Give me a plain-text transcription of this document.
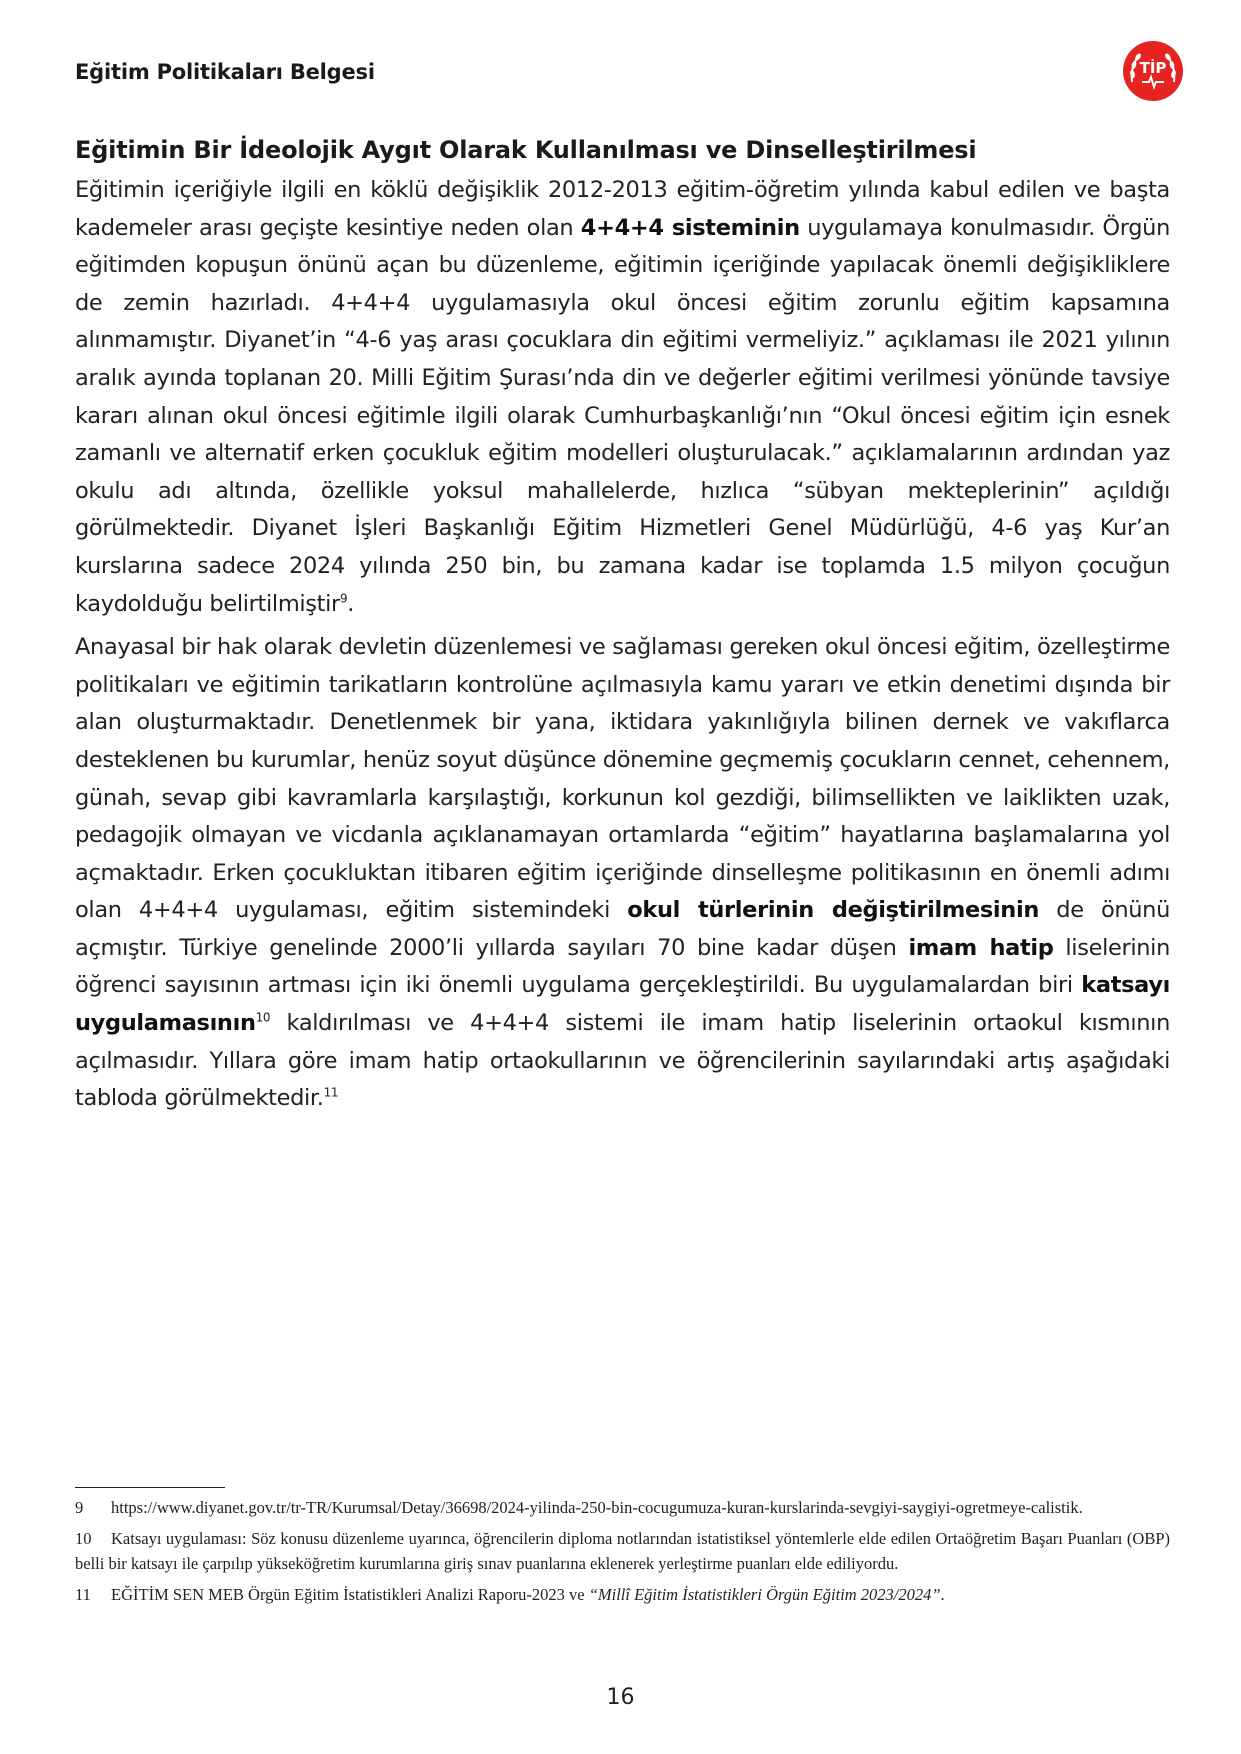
Eğitim Politikaları Belgesi	TİP
Eğitimin Bir İdeolojik Aygıt Olarak Kullanılması ve Dinselleştirilmesi

Eğitimin içeriğiyle ilgili en köklü değişiklik 2012-2013 eğitim-öğretim yılında kabul edilen ve başta kademeler arası geçişte kesintiye neden olan 4+4+4 sisteminin uygulamaya konulmasıdır. Örgün eğitimden kopuşun önünü açan bu düzenleme, eğitimin içeriğinde yapılacak önemli değişikliklere de zemin hazırladı. 4+4+4 uygulamasıyla okul öncesi eğitim zorunlu eğitim kapsamına alınmamıştır. Diyanet’in “4-6 yaş arası çocuklara din eğitimi vermeliyiz.” açıklaması ile 2021 yılının aralık ayında toplanan 20. Milli Eğitim Şurası’nda din ve değerler eğitimi verilmesi yönünde tavsiye kararı alınan okul öncesi eğitimle ilgili olarak Cumhurbaşkanlığı’nın “Okul öncesi eğitim için esnek zamanlı ve alternatif erken çocukluk eğitim modelleri oluşturulacak.” açıklamalarının ardından yaz okulu adı altında, özellikle yoksul mahallelerde, hızlıca “sübyan mekteplerinin” açıldığı görülmektedir. Diyanet İşleri Başkanlığı Eğitim Hizmetleri Genel Müdürlüğü, 4-6 yaş Kur’an kurslarına sadece 2024 yılında 250 bin, bu zamana kadar ise toplamda 1.5 milyon çocuğun kaydolduğu belirtilmiştir$^9$.

Anayasal bir hak olarak devletin düzenlemesi ve sağlaması gereken okul öncesi eğitim, özelleştirme politikaları ve eğitimin tarikatların kontrolüne açılmasıyla kamu yararı ve etkin denetimi dışında bir alan oluşturmaktadır. Denetlenmek bir yana, iktidara yakınlığıyla bilinen dernek ve vakıflarca desteklenen bu kurumlar, henüz soyut düşünce dönemine geçmemiş çocukların cennet, cehennem, günah, sevap gibi kavramlarla karşılaştığı, korkunun kol gezdiği, bilimsellikten ve laiklikten uzak, pedagojik olmayan ve vicdanla açıklanamayan ortamlarda “eğitim” hayatlarına başlamalarına yol açmaktadır. Erken çocukluktan itibaren eğitim içeriğinde dinselleşme politikasının en önemli adımı olan 4+4+4 uygulaması, eğitim sistemindeki okul türlerinin değiştirilmesinin de önünü açmıştır. Türkiye genelinde 2000’li yıllarda sayıları 70 bine kadar düşen imam hatip liselerinin öğrenci sayısının artması için iki önemli uygulama gerçekleştirildi. Bu uygulamalardan biri katsayı uygulamasının$^{10}$ kaldırılması ve 4+4+4 sistemi ile imam hatip liselerinin ortaokul kısmının açılmasıdır. Yıllara göre imam hatip ortaokullarının ve öğrencilerinin sayılarındaki artış aşağıdaki tabloda görülmektedir.$^{11}$

9 https://www.diyanet.gov.tr/tr-TR/Kurumsal/Detay/36698/2024-yilinda-250-bin-cocugumuza-kuran-kurslarinda-sevgiyi-saygiyi-ogretmeye-calistik.
10 Katsayı uygulaması: Söz konusu düzenleme uyarınca, öğrencilerin diploma notlarından istatistiksel yöntemlerle elde edilen Ortaöğretim Başarı Puanları (OBP) belli bir katsayı ile çarpılıp yükseköğretim kurumlarına giriş sınav puanlarına eklenerek yerleştirme puanları elde ediliyordu.
11 EĞİTİM SEN MEB Örgün Eğitim İstatistikleri Analizi Raporu-2023 ve “Millî Eğitim İstatistikleri Örgün Eğitim 2023/2024”.
16
